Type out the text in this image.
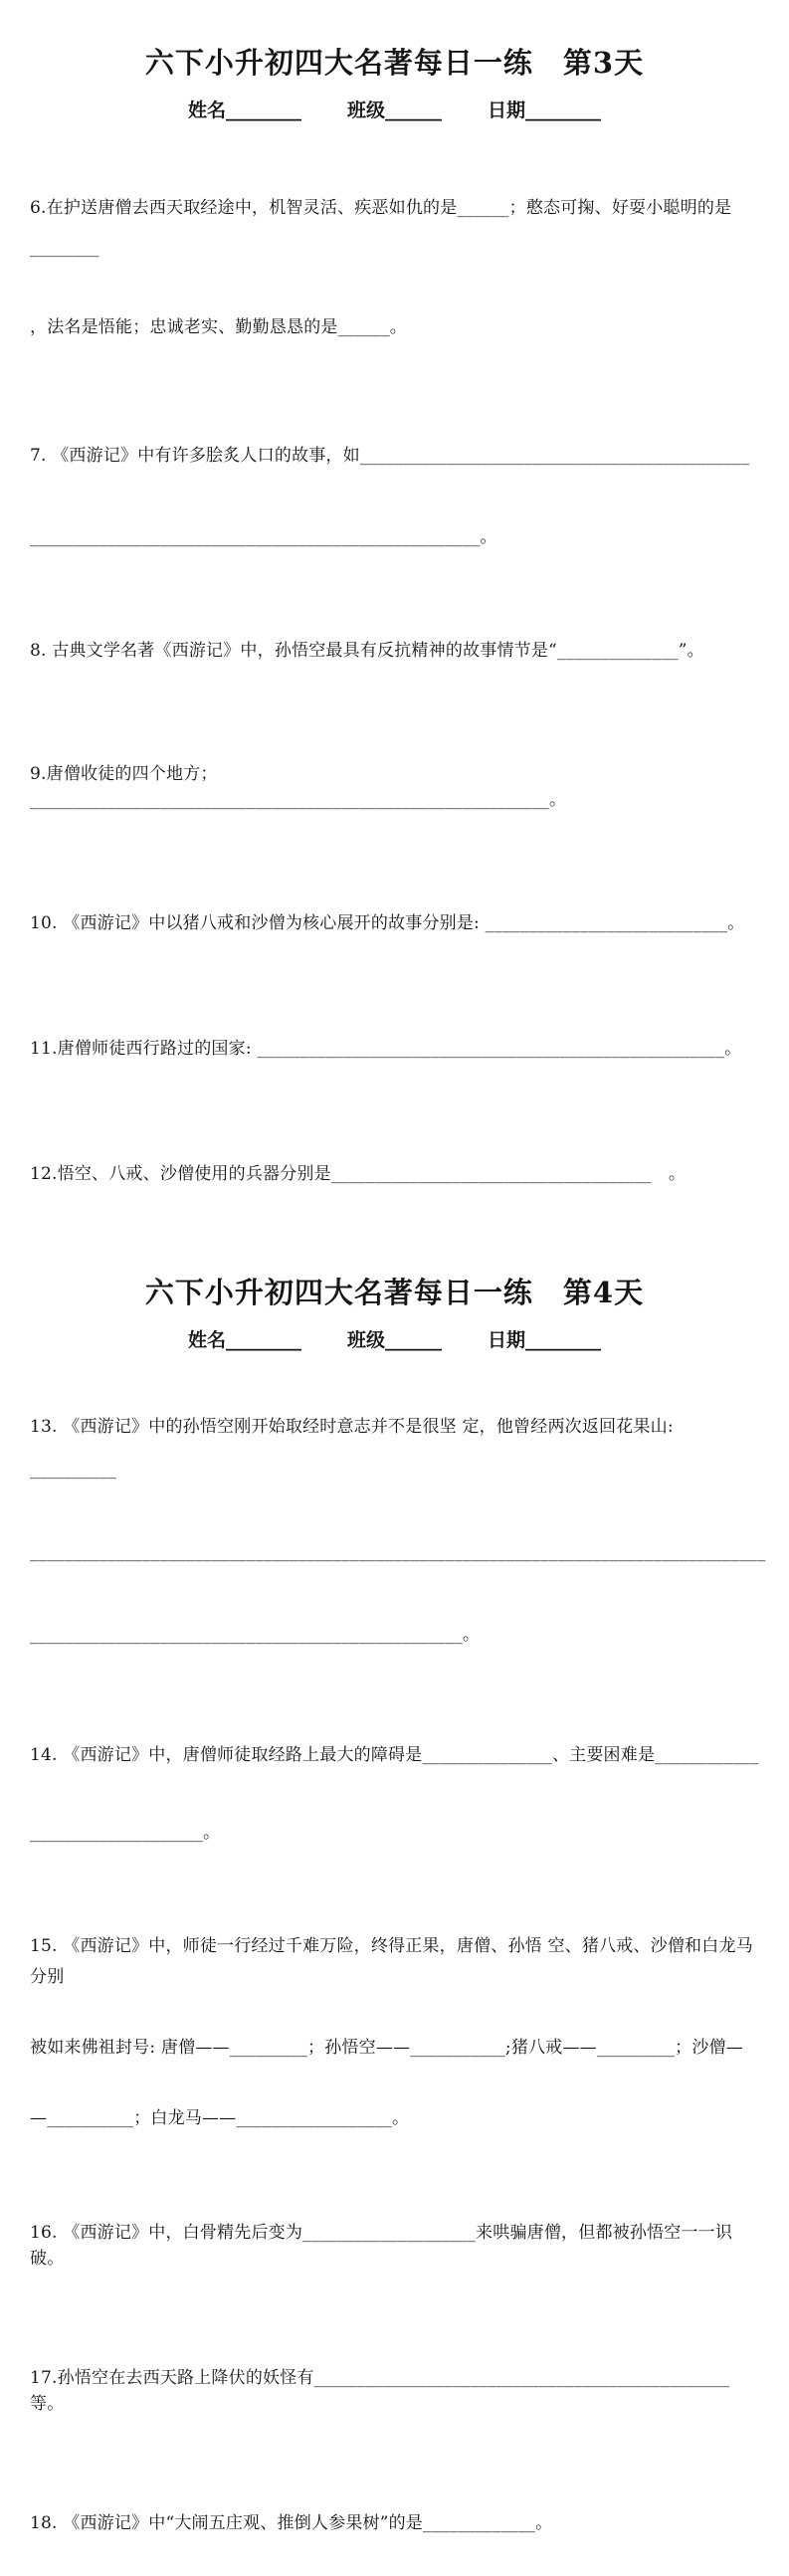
六下小升初四大名著每日一练　第3天
姓名________ 班级______ 日期________

6.在护送唐僧去西天取经途中，机智灵活、疾恶如仇的是______；憨态可掬、好耍小聪明的是________

，法名是悟能；忠诚老实、勤勤恳恳的是______。

7. 《西游记》中有许多脍炙人口的故事，如_____________________________________________

____________________________________________________。

8. 古典文学名著《西游记》中，孙悟空最具有反抗精神的故事情节是“______________”。

9.唐僧收徒的四个地方； ____________________________________________________________。

10. 《西游记》中以猪八戒和沙僧为核心展开的故事分别是: ____________________________。

11.唐僧师徒西行路过的国家: ______________________________________________________。

12.悟空、八戒、沙僧使用的兵器分别是_____________________________________　。

六下小升初四大名著每日一练　第4天
姓名________ 班级______ 日期________

13. 《西游记》中的孙悟空刚开始取经时意志并不是很坚 定，他曾经两次返回花果山:  __________

_____________________________________________________________________________________

__________________________________________________。

14. 《西游记》中，唐僧师徒取经路上最大的障碍是_______________、主要困难是____________

____________________。

15. 《西游记》中，师徒一行经过千难万险，终得正果，唐僧、孙悟 空、猪八戒、沙僧和白龙马分别

被如来佛祖封号: 唐僧——_________；孙悟空——___________;猪八戒——_________；沙僧—

—__________；白龙马——__________________。

16. 《西游记》中，白骨精先后变为____________________来哄骗唐僧，但都被孙悟空一一识破。

17.孙悟空在去西天路上降伏的妖怪有________________________________________________等。

18. 《西游记》中“大闹五庄观、推倒人参果树”的是_____________。
